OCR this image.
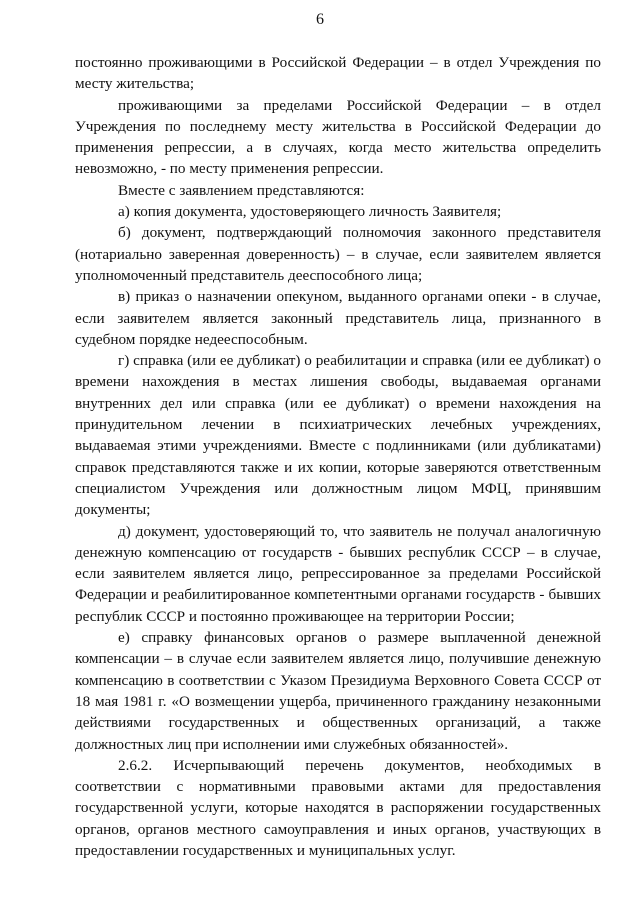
6

постоянно проживающими в Российской Федерации – в отдел Учреждения по месту жительства;

проживающими за пределами Российской Федерации – в отдел Учреждения по последнему месту жительства в Российской Федерации до применения репрессии, а в случаях, когда место жительства определить невозможно, - по месту применения репрессии.

Вместе с заявлением представляются:

а) копия документа, удостоверяющего личность Заявителя;

б) документ, подтверждающий полномочия законного представителя (нотариально заверенная доверенность) – в случае, если заявителем является уполномоченный представитель дееспособного лица;

в) приказ о назначении опекуном, выданного органами опеки - в случае, если заявителем является законный представитель лица, признанного в судебном порядке недееспособным.

г) справка (или ее дубликат) о реабилитации и справка (или ее дубликат) о времени нахождения в местах лишения свободы, выдаваемая органами внутренних дел или справка (или ее дубликат) о времени нахождения на принудительном лечении в психиатрических лечебных учреждениях, выдаваемая этими учреждениями. Вместе с подлинниками (или дубликатами) справок представляются также и их копии, которые заверяются ответственным специалистом Учреждения или должностным лицом МФЦ, принявшим документы;

д) документ, удостоверяющий то, что заявитель не получал аналогичную денежную компенсацию от государств - бывших республик СССР – в случае, если заявителем является лицо, репрессированное за пределами Российской Федерации и реабилитированное компетентными органами государств - бывших республик СССР и постоянно проживающее на территории России;

е) справку финансовых органов о размере выплаченной денежной компенсации – в случае если заявителем является лицо, получившие денежную компенсацию в соответствии с Указом Президиума Верховного Совета СССР от 18 мая 1981 г. «О возмещении ущерба, причиненного гражданину незаконными действиями государственных и общественных организаций, а также должностных лиц при исполнении ими служебных обязанностей».

2.6.2. Исчерпывающий перечень документов, необходимых в соответствии с нормативными правовыми актами для предоставления государственной услуги, которые находятся в распоряжении государственных органов, органов местного самоуправления и иных органов, участвующих в предоставлении государственных и муниципальных услуг.
